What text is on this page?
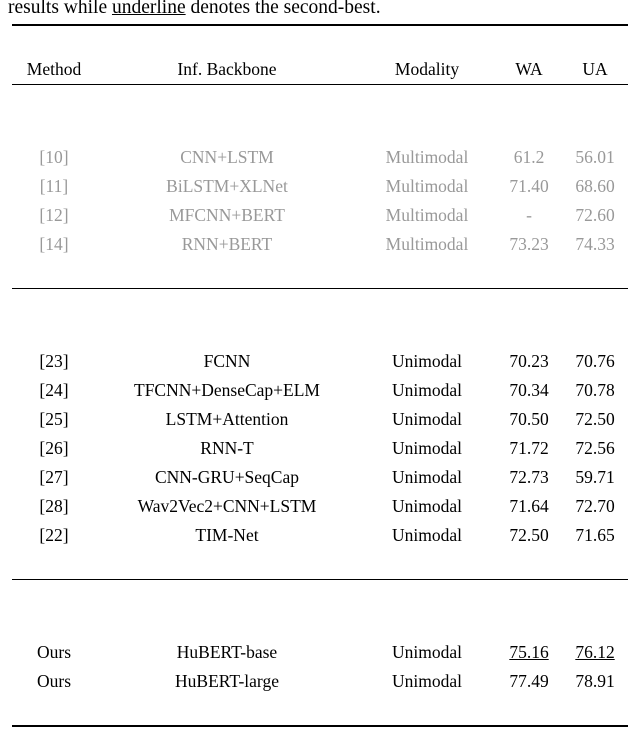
results while underline denotes the second-best.

Method	Inf. Backbone	Modality	WA	UA

[10]	CNN+LSTM	Multimodal	61.2	56.01
[11]	BiLSTM+XLNet	Multimodal	71.40	68.60
[12]	MFCNN+BERT	Multimodal	-	72.60
[14]	RNN+BERT	Multimodal	73.23	74.33

[23]	FCNN	Unimodal	70.23	70.76
[24]	TFCNN+DenseCap+ELM	Unimodal	70.34	70.78
[25]	LSTM+Attention	Unimodal	70.50	72.50
[26]	RNN-T	Unimodal	71.72	72.56
[27]	CNN-GRU+SeqCap	Unimodal	72.73	59.71
[28]	Wav2Vec2+CNN+LSTM	Unimodal	71.64	72.70
[22]	TIM-Net	Unimodal	72.50	71.65

Ours	HuBERT-base	Unimodal	75.16	76.12
Ours	HuBERT-large	Unimodal	77.49	78.91
